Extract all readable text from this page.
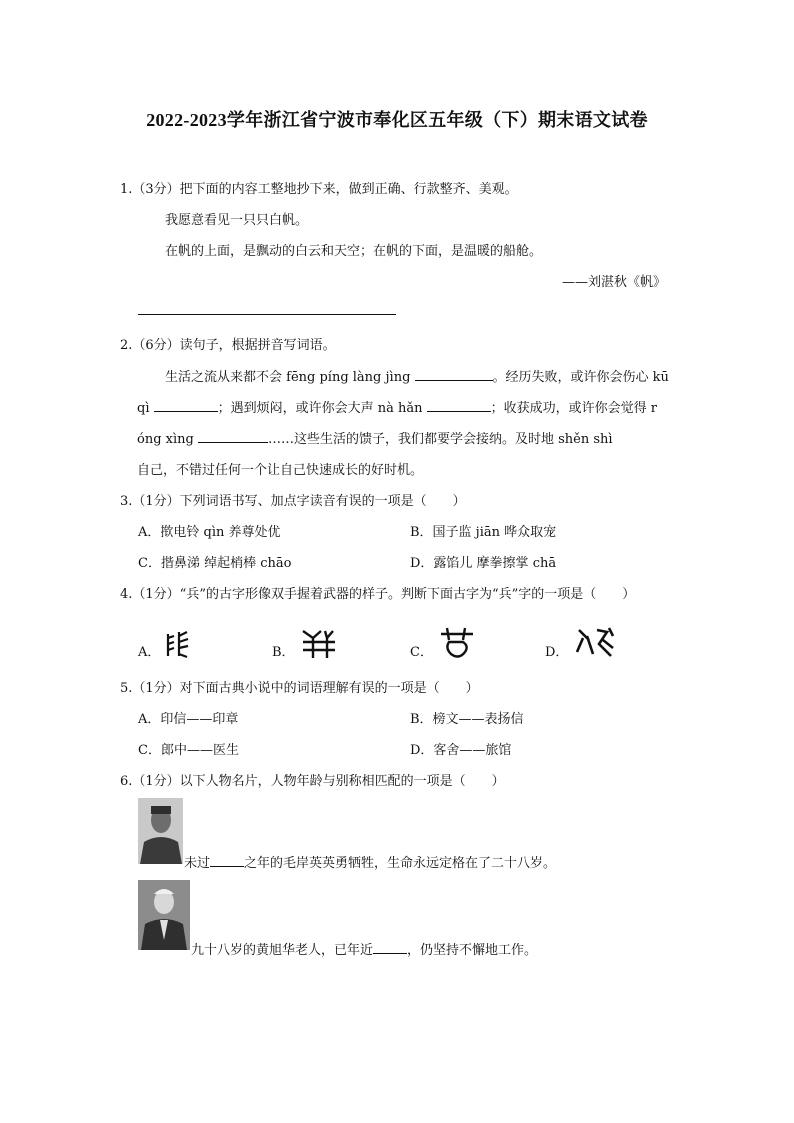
2022-2023学年浙江省宁波市奉化区五年级（下）期末语文试卷
1.（3分）把下面的内容工整地抄下来，做到正确、行款整齐、美观。
我愿意看见一只只白帆。
在帆的上面，是飘动的白云和天空；在帆的下面，是温暖的船舱。
——刘湛秋《帆》
2.（6分）读句子，根据拼音写词语。
生活之流从来都不会 fēng píng làng jìng	。经历失败，或许你会伤心 kū
qì	；遇到烦闷，或许你会大声 nà hǎn	；收获成功，或许你会觉得 r
óng xìng	……这些生活的馈子，我们都要学会接纳。及时地 shěn shì
自己，不错过任何一个让自己快速成长的好时机。
3.（1分）下列词语书写、加点字读音有误的一项是（　　）
A．揿电铃 qìn 养尊处优	B．国子监 jiān 哗众取宠
C．揩鼻涕 绰起梢棒 chāo	D．露馅儿 摩拳擦掌 chā
4.（1分）“兵”的古字形像双手握着武器的样子。判断下面古字为“兵”字的一项是（　　）
A．	B．	C．	D．
5.（1分）对下面古典小说中的词语理解有误的一项是（　　）
A．印信——印章	B．榜文——表扬信
C．郎中——医生	D．客舍——旅馆
6.（1分）以下人物名片，人物年龄与别称相匹配的一项是（　　）
未过	之年的毛岸英英勇牺牲，生命永远定格在了二十八岁。
九十八岁的黄旭华老人，已年近	，仍坚持不懈地工作。
